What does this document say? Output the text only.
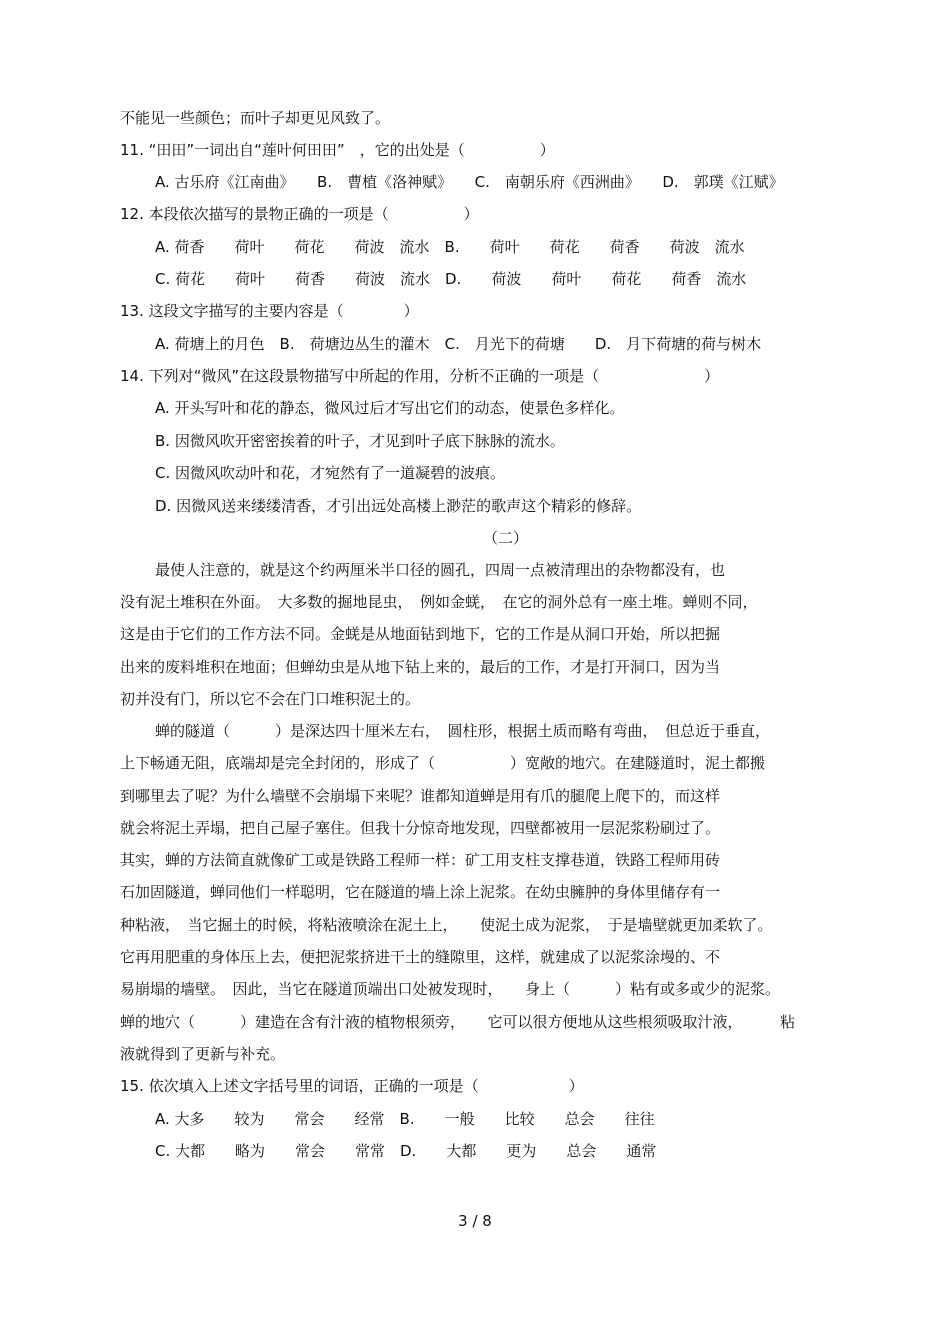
不能见一些颜色；而叶子却更见风致了。
11. “田田”一词出自“莲叶何田田”　，它的出处是（　　　　　）
A. 古乐府《江南曲》　　B.　曹植《洛神赋》　　C.　南朝乐府《西洲曲》　　D.　郭璞《江赋》
12. 本段依次描写的景物正确的一项是（　　　　　）
A. 荷香　　荷叶　　荷花　　荷波　流水　B.　　荷叶　　荷花　　荷香　　荷波　流水
C. 荷花　　荷叶　　荷香　　荷波　流水　D.　　荷波　　荷叶　　荷花　　荷香　流水
13. 这段文字描写的主要内容是（　　　　）
A. 荷塘上的月色　B.　荷塘边丛生的灌木　C.　月光下的荷塘　　D.　月下荷塘的荷与树木
14. 下列对“微风”在这段景物描写中所起的作用，分析不正确的一项是（　　　　　　　）
A. 开头写叶和花的静态，微风过后才写出它们的动态，使景色多样化。
B. 因微风吹开密密挨着的叶子，才见到叶子底下脉脉的流水。
C. 因微风吹动叶和花，才宛然有了一道凝碧的波痕。
D. 因微风送来缕缕清香，才引出远处高楼上渺茫的歌声这个精彩的修辞。
（二）
最使人注意的，就是这个约两厘米半口径的圆孔，四周一点被清理出的杂物都没有，也
没有泥土堆积在外面。　大多数的掘地昆虫，　例如金蜣，　在它的洞外总有一座土堆。蝉则不同，
这是由于它们的工作方法不同。金蜣是从地面钻到地下，它的工作是从洞口开始，所以把掘
出来的废料堆积在地面；但蝉幼虫是从地下钻上来的，最后的工作，才是打开洞口，因为当
初并没有门，所以它不会在门口堆积泥土的。
蝉的隧道（　　　）是深达四十厘米左右，　圆柱形，根据土质而略有弯曲，　但总近于垂直，
上下畅通无阻，底端却是完全封闭的，形成了（　　　　　）宽敞的地穴。在建隧道时，泥土都搬
到哪里去了呢？为什么墙壁不会崩塌下来呢？谁都知道蝉是用有爪的腿爬上爬下的，而这样
就会将泥土弄塌，把自己屋子塞住。但我十分惊奇地发现，四壁都被用一层泥浆粉刷过了。
其实，蝉的方法简直就像矿工或是铁路工程师一样：矿工用支柱支撑巷道，铁路工程师用砖
石加固隧道，蝉同他们一样聪明，它在隧道的墙上涂上泥浆。在幼虫臃肿的身体里储存有一
种粘液，　当它掘土的时候，将粘液喷涂在泥土上，　　使泥土成为泥浆，　于是墙壁就更加柔软了。
它再用肥重的身体压上去，便把泥浆挤进干土的缝隙里，这样，就建成了以泥浆涂墁的、不
易崩塌的墙壁。　因此，当它在隧道顶端出口处被发现时，　　身上（　　　）粘有或多或少的泥浆。
蝉的地穴（　　　）建造在含有汁液的植物根须旁，　　它可以很方便地从这些根须吸取汁液，　　　粘
液就得到了更新与补充。
15. 依次填入上述文字括号里的词语，正确的一项是（　　　　　　）
A. 大多　　较为　　常会　　经常　B.　　一般　　比较　　总会　　往往
C. 大都　　略为　　常会　　常常　D.　　大都　　更为　　总会　　通常
3 / 8
